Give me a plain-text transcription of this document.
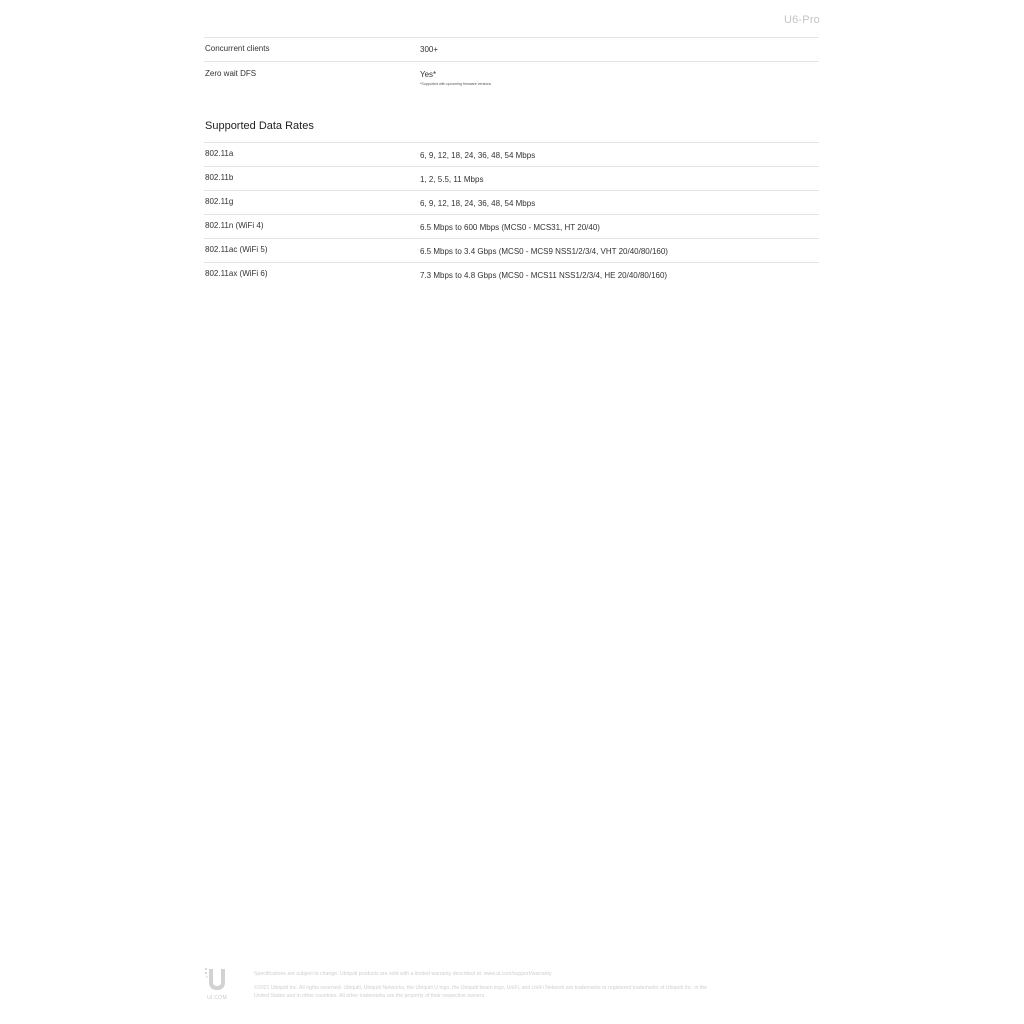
U6-Pro
Concurrent clients	300+
Zero wait DFS	Yes*
*Supported with upcoming firmware versions
Supported Data Rates
802.11a	6, 9, 12, 18, 24, 36, 48, 54 Mbps
802.11b	1, 2, 5.5, 11 Mbps
802.11g	6, 9, 12, 18, 24, 36, 48, 54 Mbps
802.11n (WiFi 4)	6.5 Mbps to 600 Mbps (MCS0 - MCS31, HT 20/40)
802.11ac (WiFi 5)	6.5 Mbps to 3.4 Gbps (MCS0 - MCS9 NSS1/2/3/4, VHT 20/40/80/160)
802.11ax (WiFi 6)	7.3 Mbps to 4.8 Gbps (MCS0 - MCS11 NSS1/2/3/4, HE 20/40/80/160)
UI.COM
Specifications are subject to change. Ubiquiti products are sold with a limited warranty described at: www.ui.com/support/warranty
©2021 Ubiquiti Inc. All rights reserved. Ubiquiti, Ubiquiti Networks, the Ubiquiti U logo, the Ubiquiti beam logo, UniFi, and UniFi Network are trademarks or registered trademarks of Ubiquiti Inc. in the
United States and in other countries. All other trademarks are the property of their respective owners.
